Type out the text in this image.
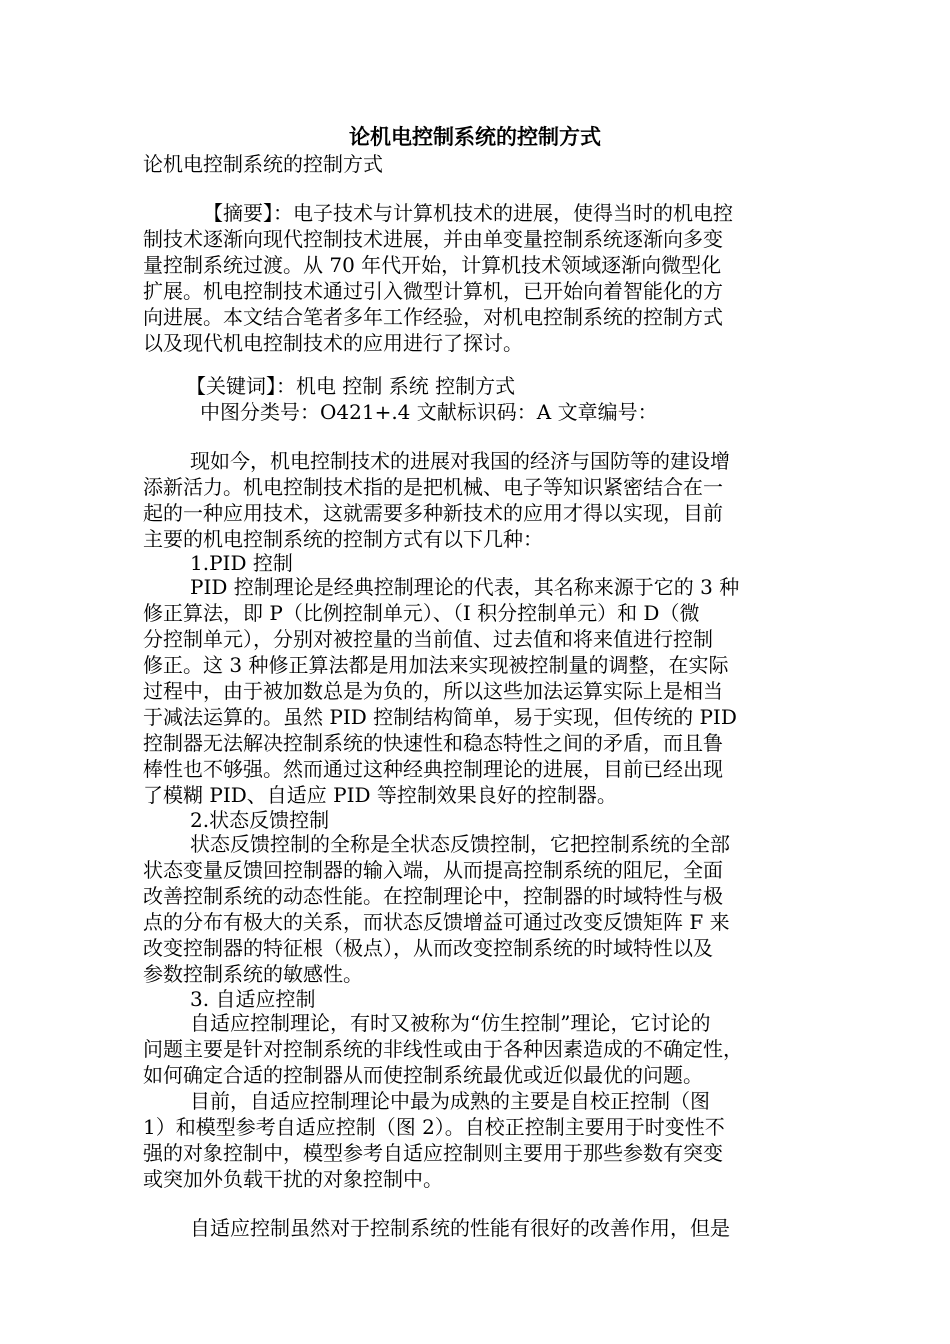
论机电控制系统的控制方式
论机电控制系统的控制方式
【摘要】：电子技术与计算机技术的进展，使得当时的机电控
制技术逐渐向现代控制技术进展，并由单变量控制系统逐渐向多变
量控制系统过渡。从 70 年代开始，计算机技术领域逐渐向微型化
扩展。机电控制技术通过引入微型计算机，已开始向着智能化的方
向进展。本文结合笔者多年工作经验，对机电控制系统的控制方式
以及现代机电控制技术的应用进行了探讨。
【关键词】：机电 控制 系统 控制方式
中图分类号：O421+.4 文献标识码：A 文章编号：
现如今，机电控制技术的进展对我国的经济与国防等的建设增
添新活力。机电控制技术指的是把机械、电子等知识紧密结合在一
起的一种应用技术，这就需要多种新技术的应用才得以实现，目前
主要的机电控制系统的控制方式有以下几种：
1.PID 控制
PID 控制理论是经典控制理论的代表，其名称来源于它的 3 种
修正算法，即 P（比例控制单元）、（I 积分控制单元）和 D（微
分控制单元），分别对被控量的当前值、过去值和将来值进行控制
修正。这 3 种修正算法都是用加法来实现被控制量的调整，在实际
过程中，由于被加数总是为负的，所以这些加法运算实际上是相当
于减法运算的。虽然 PID 控制结构简单，易于实现，但传统的 PID
控制器无法解决控制系统的快速性和稳态特性之间的矛盾，而且鲁
棒性也不够强。然而通过这种经典控制理论的进展，目前已经出现
了模糊 PID、自适应 PID 等控制效果良好的控制器。
2.状态反馈控制
状态反馈控制的全称是全状态反馈控制，它把控制系统的全部
状态变量反馈回控制器的输入端，从而提高控制系统的阻尼，全面
改善控制系统的动态性能。在控制理论中，控制器的时域特性与极
点的分布有极大的关系，而状态反馈增益可通过改变反馈矩阵 F 来
改变控制器的特征根（极点），从而改变控制系统的时域特性以及
参数控制系统的敏感性。
3. 自适应控制
自适应控制理论，有时又被称为“仿生控制”理论，它讨论的
问题主要是针对控制系统的非线性或由于各种因素造成的不确定性，
如何确定合适的控制器从而使控制系统最优或近似最优的问题。
目前，自适应控制理论中最为成熟的主要是自校正控制（图
1）和模型参考自适应控制（图 2）。自校正控制主要用于时变性不
强的对象控制中，模型参考自适应控制则主要用于那些参数有突变
或突加外负载干扰的对象控制中。
自适应控制虽然对于控制系统的性能有很好的改善作用，但是
